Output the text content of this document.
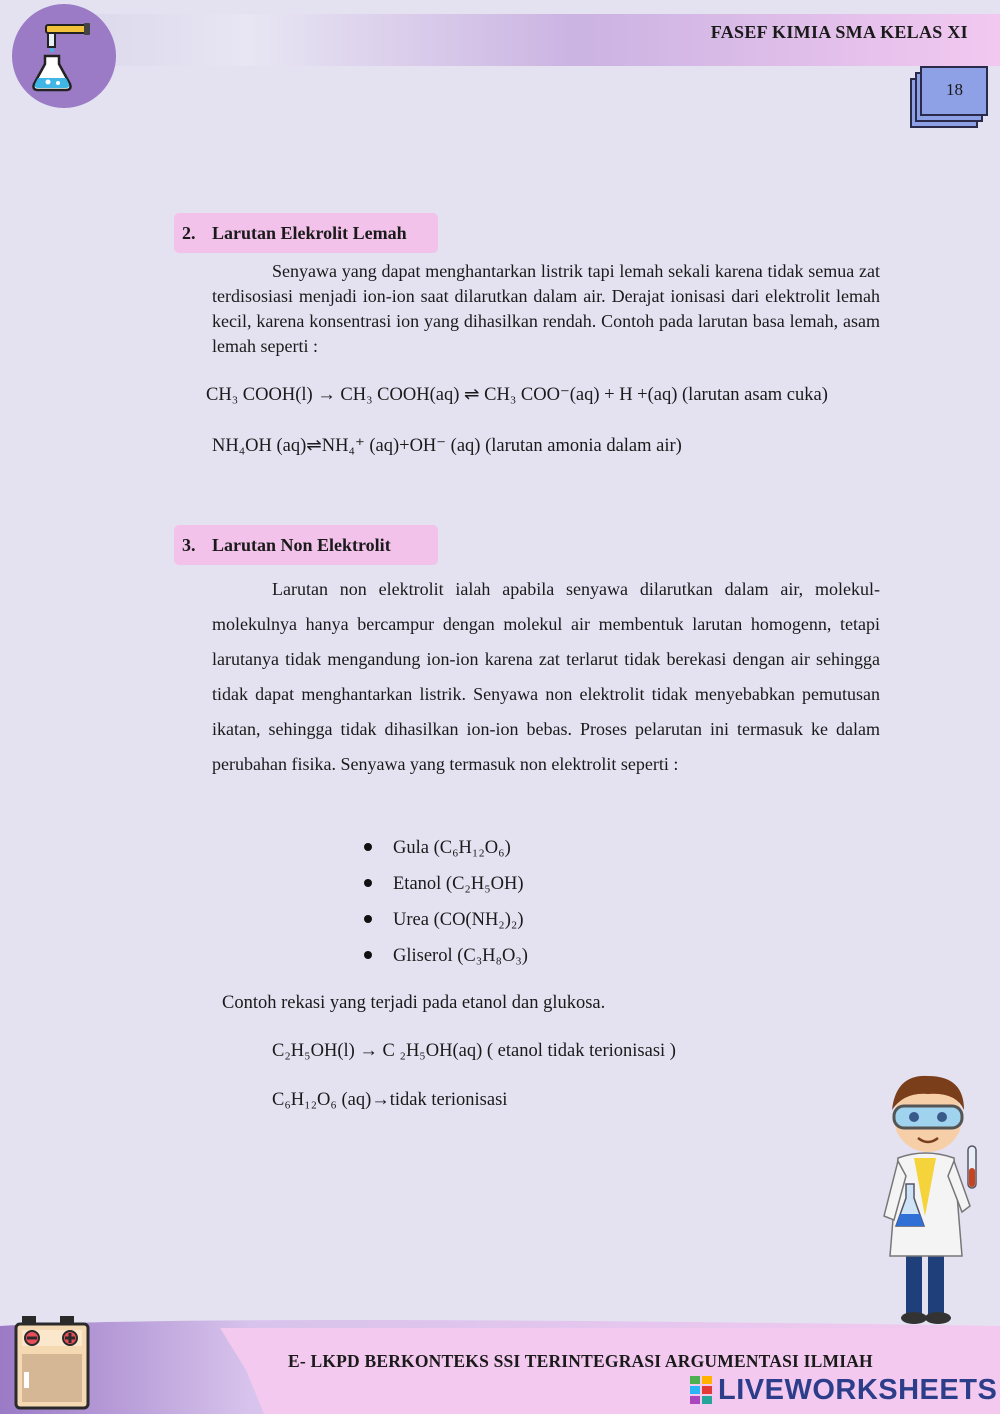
FASEF KIMIA SMA KELAS XI
18
2. Larutan Elekrolit Lemah
Senyawa yang dapat menghantarkan listrik tapi lemah sekali karena tidak semua zat terdisosiasi menjadi ion-ion saat dilarutkan dalam air. Derajat ionisasi dari elektrolit lemah kecil, karena konsentrasi ion yang dihasilkan rendah. Contoh pada larutan basa lemah, asam lemah seperti :
CH₃ COOH(l) → CH₃ COOH(aq) ⇌ CH₃ COO⁻(aq) + H +(aq) (larutan asam cuka)
NH₄OH (aq)⇌NH₄⁺ (aq)+OH⁻ (aq) (larutan amonia dalam air)
3. Larutan Non Elektrolit
Larutan non elektrolit ialah apabila senyawa dilarutkan dalam air, molekul-molekulnya hanya bercampur dengan molekul air membentuk larutan homogenn, tetapi larutanya tidak mengandung ion-ion karena zat terlarut tidak berekasi dengan air sehingga tidak dapat menghantarkan listrik. Senyawa non elektrolit tidak menyebabkan pemutusan ikatan, sehingga tidak dihasilkan ion-ion bebas. Proses pelarutan ini termasuk ke dalam perubahan fisika. Senyawa yang termasuk non elektrolit seperti :
Gula (C₆H₁₂O₆)
Etanol (C₂H₅OH)
Urea (CO(NH₂)₂)
Gliserol (C₃H₈O₃)
Contoh rekasi yang terjadi pada etanol dan glukosa.
C₂H₅OH(l) → C ₂H₅OH(aq) ( etanol tidak terionisasi )
C₆H₁₂O₆ (aq)→tidak terionisasi
E- LKPD BERKONTEKS SSI TERINTEGRASI ARGUMENTASI ILMIAH
LIVEWORKSHEETS
